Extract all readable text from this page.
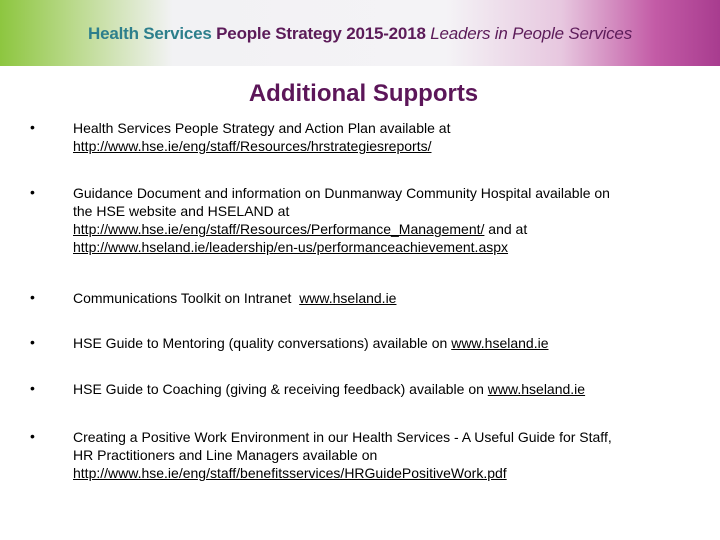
Health Services People Strategy 2015-2018 Leaders in People Services
Additional Supports
•	Health Services People Strategy and Action Plan available at
http://www.hse.ie/eng/staff/Resources/hrstrategiesreports/
•	Guidance Document and information on Dunmanway Community Hospital available on
the HSE website and HSELAND at
http://www.hse.ie/eng/staff/Resources/Performance_Management/ and at
http://www.hseland.ie/leadership/en-us/performanceachievement.aspx
•	Communications Toolkit on Intranet  www.hseland.ie
•	HSE Guide to Mentoring (quality conversations) available on www.hseland.ie
•	HSE Guide to Coaching (giving & receiving feedback) available on www.hseland.ie
•	Creating a Positive Work Environment in our Health Services - A Useful Guide for Staff,
HR Practitioners and Line Managers available on
http://www.hse.ie/eng/staff/benefitsservices/HRGuidePositiveWork.pdf
